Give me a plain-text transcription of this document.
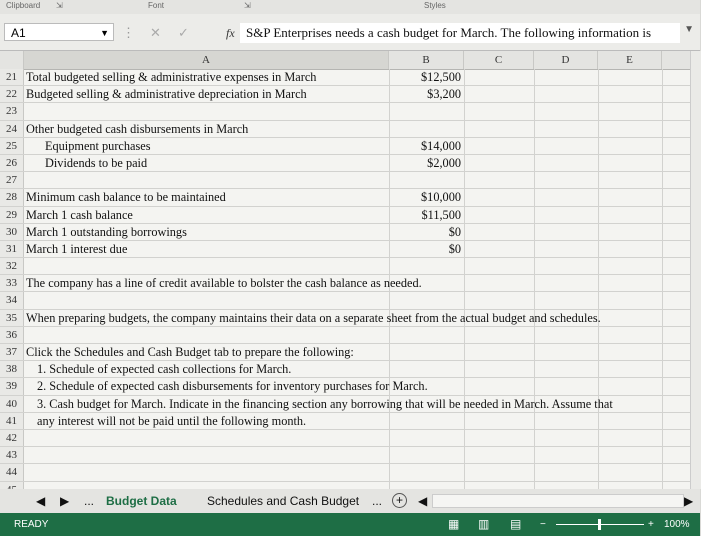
Clipboard ⇲	Font	⇲	Styles
A1	▼ ⋮ ✕ ✓	fx S&P Enterprises needs a cash budget for March. The following information is	▼
A	B	C	D	E
21 Total budgeted selling & administrative expenses in March	$12,500
22 Budgeted selling & administrative depreciation in March	$3,200
23
24 Other budgeted cash disbursements in March
25	Equipment purchases	$14,000
26	Dividends to be paid	$2,000
27
28 Minimum cash balance to be maintained	$10,000
29 March 1 cash balance	$11,500
30 March 1 outstanding borrowings	$0
31 March 1 interest due	$0
32
33 The company has a line of credit available to bolster the cash balance as needed.
34
35 When preparing budgets, the company maintains their data on a separate sheet from the actual budget and schedules.
36
37 Click the Schedules and Cash Budget tab to prepare the following:
38	1. Schedule of expected cash collections for March.
39	2. Schedule of expected cash disbursements for inventory purchases for March.
40	3. Cash budget for March. Indicate in the financing section any borrowing that will be needed in March. Assume that
41	any interest will not be paid until the following month.
42
43
44
◀ ▶ ... Budget Data	Schedules and Cash Budget ...	+	◀	▶
READY	▦ ▥ ▤ −	+ 100%
